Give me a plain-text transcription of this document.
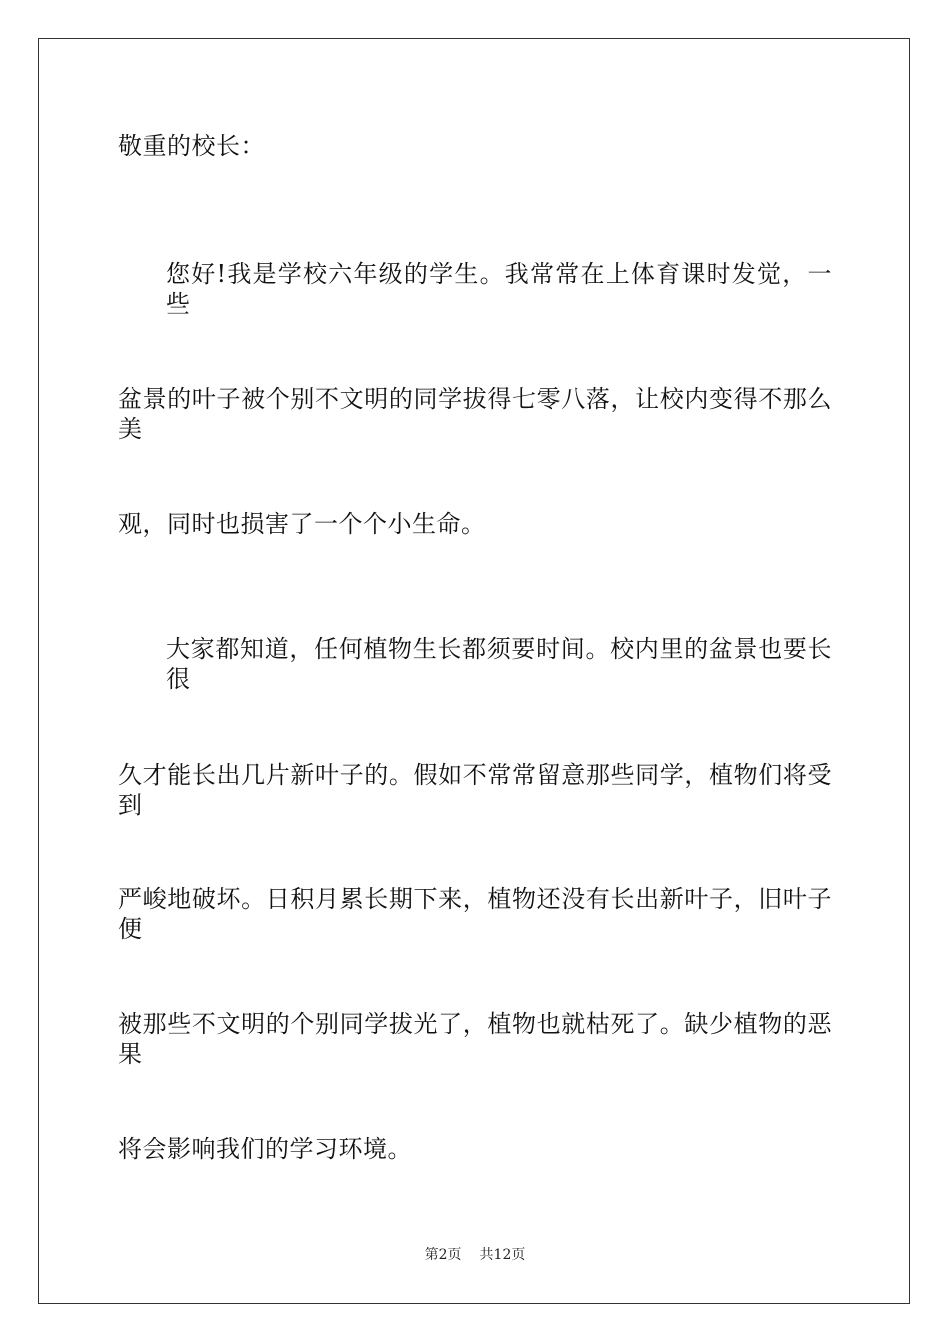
敬重的校长：
您好!我是学校六年级的学生。我常常在上体育课时发觉，一些
盆景的叶子被个别不文明的同学拔得七零八落，让校内变得不那么美
观，同时也损害了一个个小生命。
大家都知道，任何植物生长都须要时间。校内里的盆景也要长很
久才能长出几片新叶子的。假如不常常留意那些同学，植物们将受到
严峻地破坏。日积月累长期下来，植物还没有长出新叶子，旧叶子便
被那些不文明的个别同学拔光了，植物也就枯死了。缺少植物的恶果
将会影响我们的学习环境。
第2页 共12页
